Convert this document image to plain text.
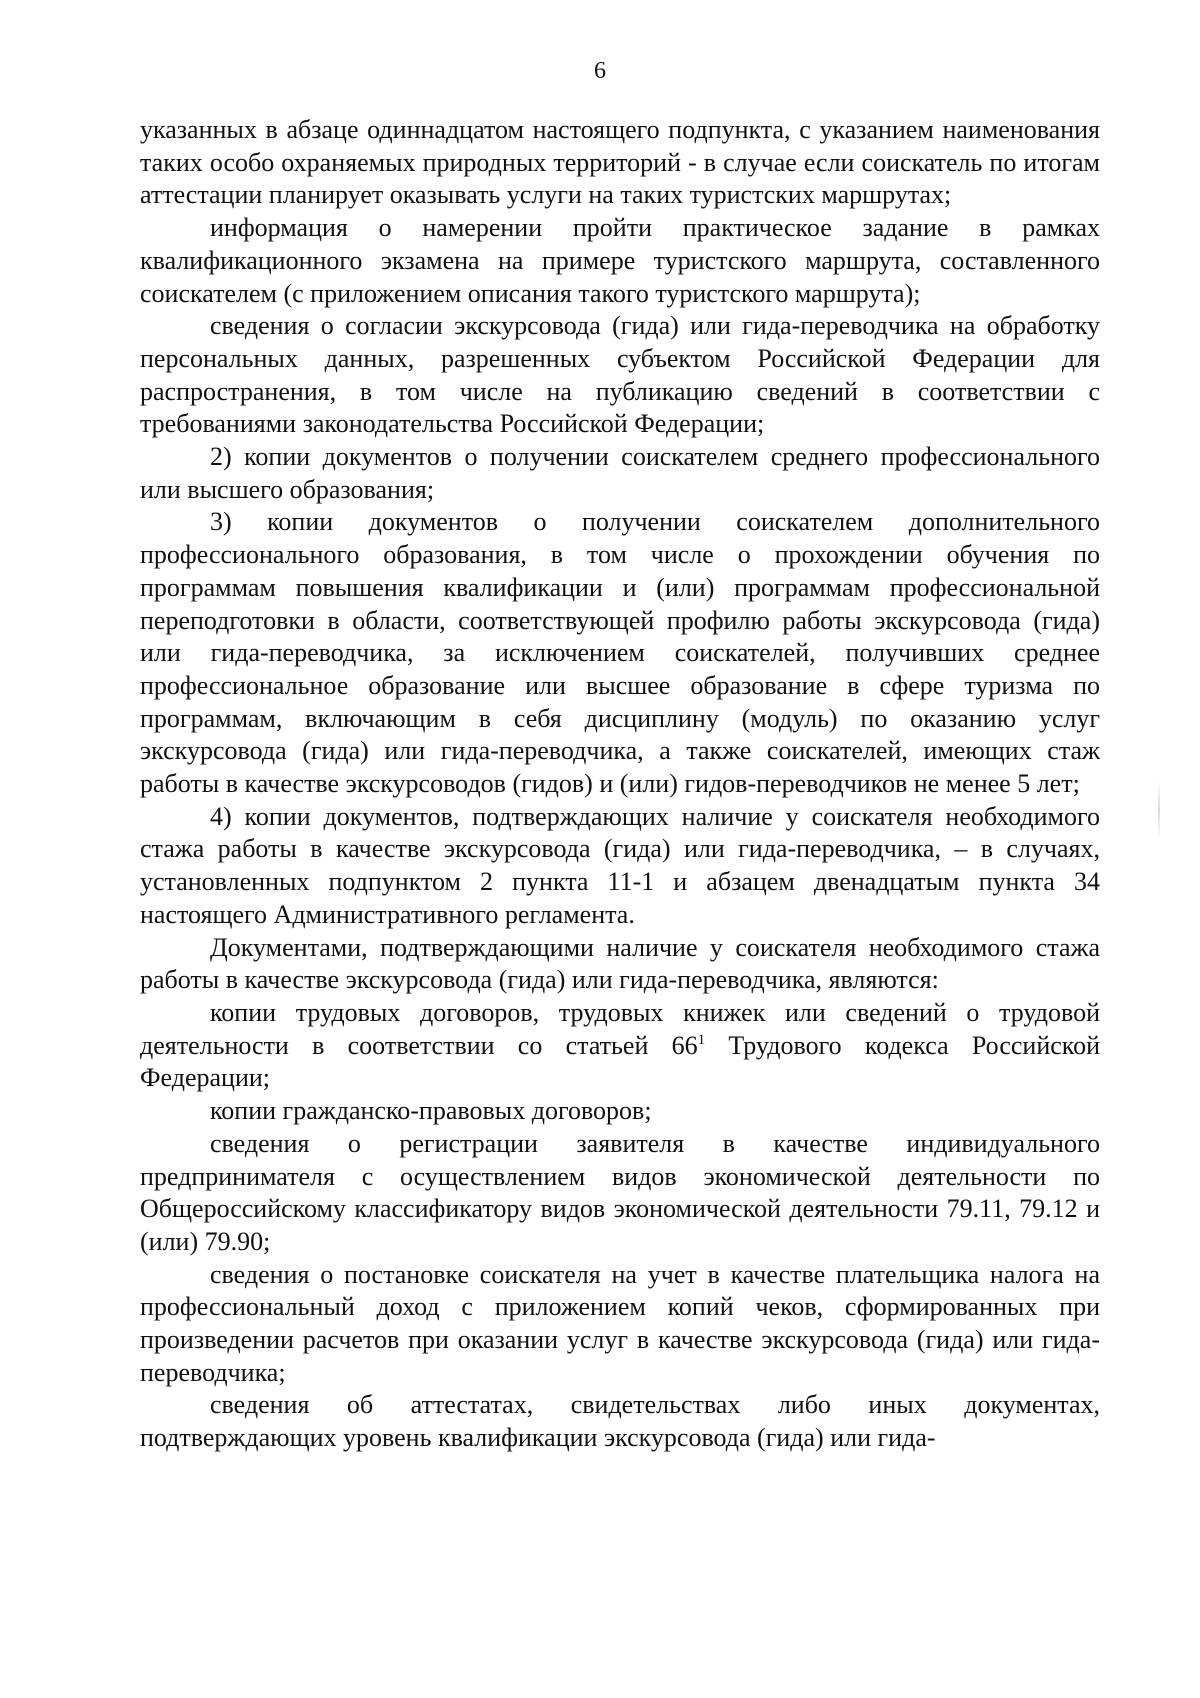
6

указанных в абзаце одиннадцатом настоящего подпункта, с указанием наименования таких особо охраняемых природных территорий - в случае если соискатель по итогам аттестации планирует оказывать услуги на таких туристских маршрутах;

информация о намерении пройти практическое задание в рамках квалификационного экзамена на примере туристского маршрута, составленного соискателем (с приложением описания такого туристского маршрута);

сведения о согласии экскурсовода (гида) или гида-переводчика на обработку персональных данных, разрешенных субъектом Российской Федерации для распространения, в том числе на публикацию сведений в соответствии с требованиями законодательства Российской Федерации;

2) копии документов о получении соискателем среднего профессионального или высшего образования;

3) копии документов о получении соискателем дополнительного профессионального образования, в том числе о прохождении обучения по программам повышения квалификации и (или) программам профессиональной переподготовки в области, соответствующей профилю работы экскурсовода (гида) или гида-переводчика, за исключением соискателей, получивших среднее профессиональное образование или высшее образование в сфере туризма по программам, включающим в себя дисциплину (модуль) по оказанию услуг экскурсовода (гида) или гида-переводчика, а также соискателей, имеющих стаж работы в качестве экскурсоводов (гидов) и (или) гидов-переводчиков не менее 5 лет;

4) копии документов, подтверждающих наличие у соискателя необходимого стажа работы в качестве экскурсовода (гида) или гида-переводчика, – в случаях, установленных подпунктом 2 пункта 11-1 и абзацем двенадцатым пункта 34 настоящего Административного регламента.

Документами, подтверждающими наличие у соискателя необходимого стажа работы в качестве экскурсовода (гида) или гида-переводчика, являются:

копии трудовых договоров, трудовых книжек или сведений о трудовой деятельности в соответствии со статьей $66^1$ Трудового кодекса Российской Федерации;

копии гражданско-правовых договоров;

сведения о регистрации заявителя в качестве индивидуального предпринимателя с осуществлением видов экономической деятельности по Общероссийскому классификатору видов экономической деятельности 79.11, 79.12 и (или) 79.90;

сведения о постановке соискателя на учет в качестве плательщика налога на профессиональный доход с приложением копий чеков, сформированных при произведении расчетов при оказании услуг в качестве экскурсовода (гида) или гида-переводчика;

сведения об аттестатах, свидетельствах либо иных документах, подтверждающих уровень квалификации экскурсовода (гида) или гида-
